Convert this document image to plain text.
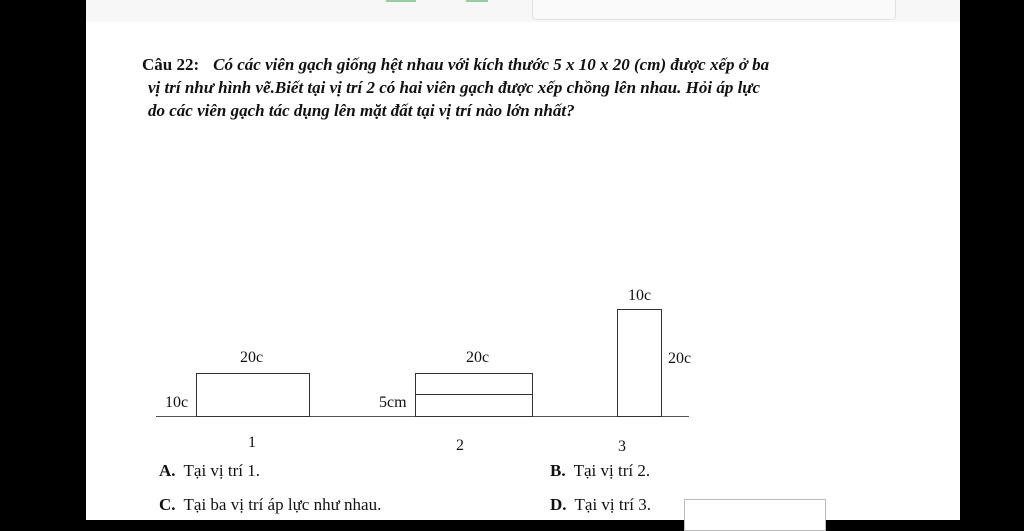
Câu 22: Có các viên gạch giống hệt nhau với kích thước 5 x 10 x 20 (cm) được xếp ở ba
vị trí như hình vẽ.Biết tại vị trí 2 có hai viên gạch được xếp chồng lên nhau. Hỏi áp lực
do các viên gạch tác dụng lên mặt đất tại vị trí nào lớn nhất?
20c
10c
1
20c
5cm
2
10c
20c
3
A. Tại vị trí 1.	B. Tại vị trí 2.
C. Tại ba vị trí áp lực như nhau.	D. Tại vị trí 3.
